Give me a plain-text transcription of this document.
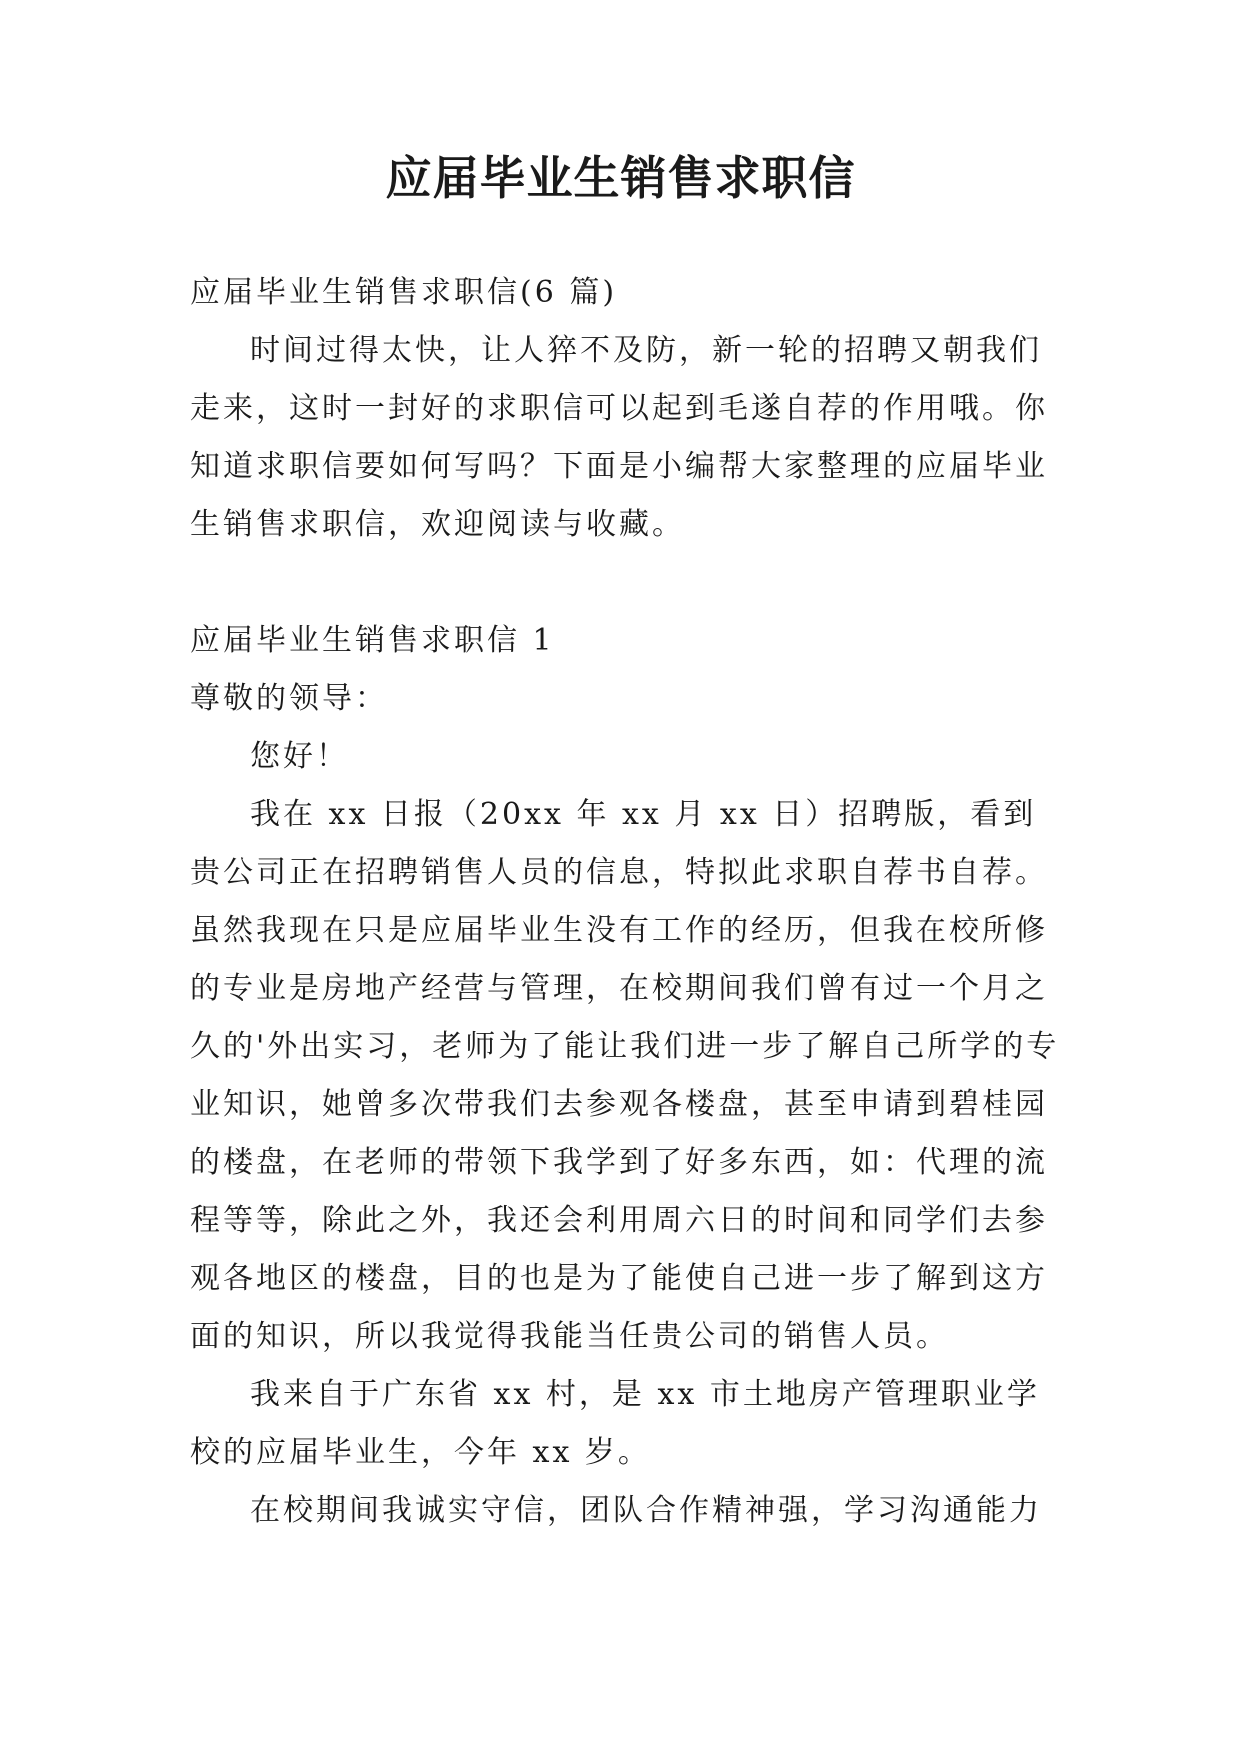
应届毕业生销售求职信

应届毕业生销售求职信(6 篇)

时间过得太快，让人猝不及防，新一轮的招聘又朝我们走来，这时一封好的求职信可以起到毛遂自荐的作用哦。你知道求职信要如何写吗？下面是小编帮大家整理的应届毕业生销售求职信，欢迎阅读与收藏。

应届毕业生销售求职信 1

尊敬的领导：

您好！

我在 xx 日报（20xx 年 xx 月 xx 日）招聘版，看到贵公司正在招聘销售人员的信息，特拟此求职自荐书自荐。虽然我现在只是应届毕业生没有工作的经历，但我在校所修的专业是房地产经营与管理，在校期间我们曾有过一个月之久的'外出实习，老师为了能让我们进一步了解自己所学的专业知识，她曾多次带我们去参观各楼盘，甚至申请到碧桂园的楼盘，在老师的带领下我学到了好多东西，如：代理的流程等等，除此之外，我还会利用周六日的时间和同学们去参观各地区的楼盘，目的也是为了能使自己进一步了解到这方面的知识，所以我觉得我能当任贵公司的销售人员。

我来自于广东省 xx 村，是 xx 市土地房产管理职业学校的应届毕业生，今年 xx 岁。

在校期间我诚实守信，团队合作精神强，学习沟通能力
